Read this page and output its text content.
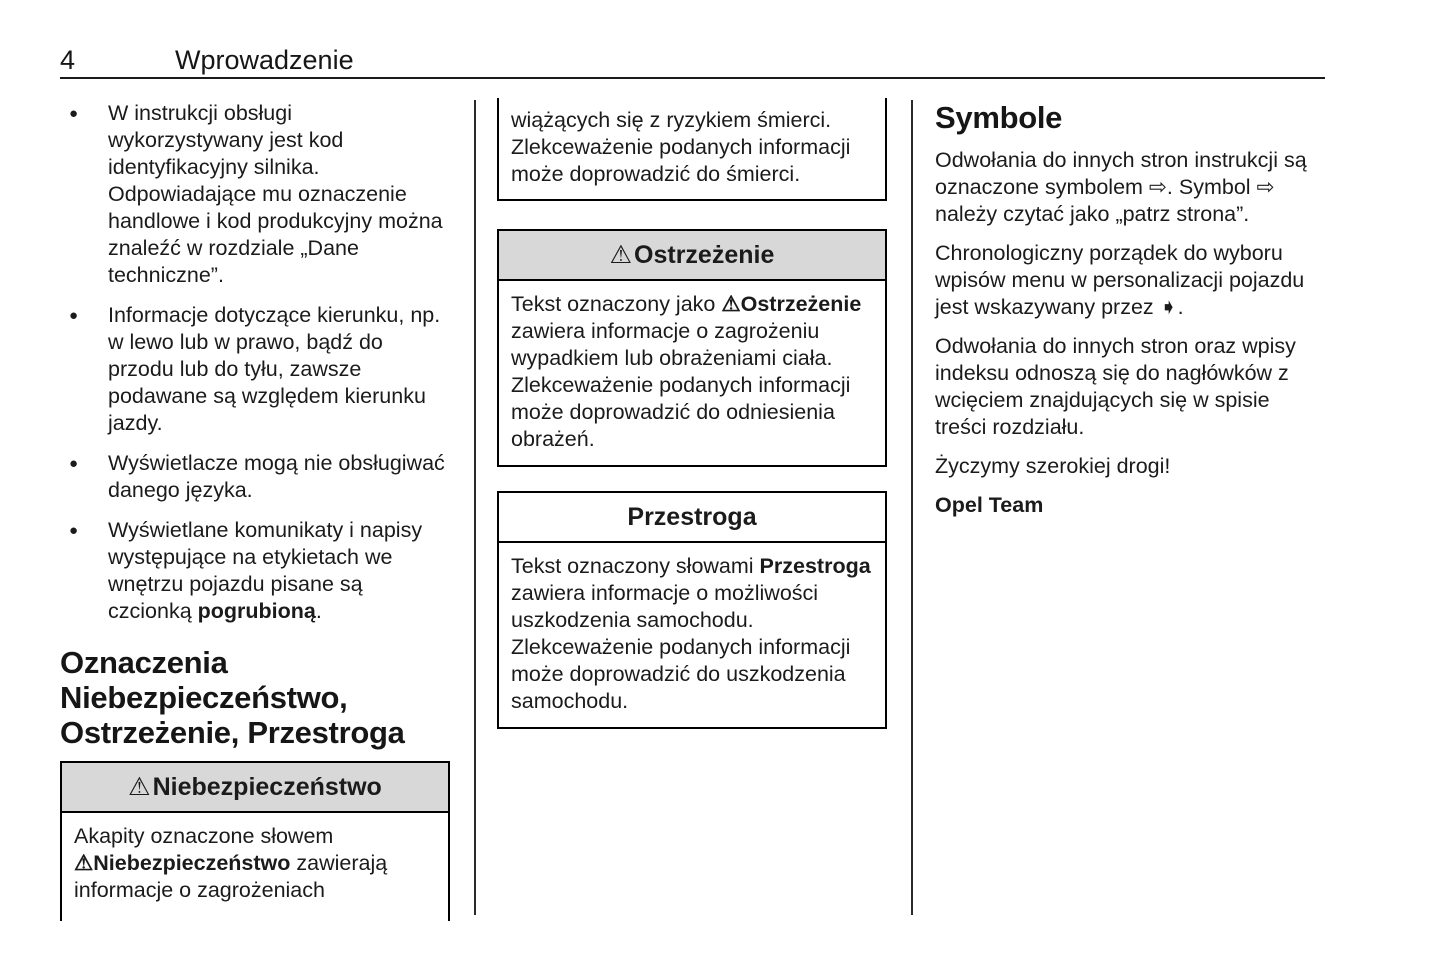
4	Wprowadzenie
●	W instrukcji obsługi wykorzystywany jest kod identyfikacyjny silnika. Odpowiadające mu oznaczenie handlowe i kod produkcyjny można znaleźć w rozdziale „Dane techniczne”.
●	Informacje dotyczące kierunku, np. w lewo lub w prawo, bądź do przodu lub do tyłu, zawsze podawane są względem kierunku jazdy.
●	Wyświetlacze mogą nie obsługiwać danego języka.
●	Wyświetlane komunikaty i napisy występujące na etykietach we wnętrzu pojazdu pisane są czcionką pogrubioną.
Oznaczenia Niebezpieczeństwo, Ostrzeżenie, Przestroga
⚠Niebezpieczeństwo
Akapity oznaczone słowem ⚠Niebezpieczeństwo zawierają informacje o zagrożeniach
wiążących się z ryzykiem śmierci. Zlekceważenie podanych informacji może doprowadzić do śmierci.
⚠Ostrzeżenie
Tekst oznaczony jako ⚠Ostrzeżenie zawiera informacje o zagrożeniu wypadkiem lub obrażeniami ciała. Zlekceważenie podanych informacji może doprowadzić do odniesienia obrażeń.
Przestroga
Tekst oznaczony słowami Przestroga zawiera informacje o możliwości uszkodzenia samochodu. Zlekceważenie podanych informacji może doprowadzić do uszkodzenia samochodu.
Symbole

Odwołania do innych stron instrukcji są oznaczone symbolem ⇨. Symbol ⇨ należy czytać jako „patrz strona”.

Chronologiczny porządek do wyboru wpisów menu w personalizacji pojazdu jest wskazywany przez ➧.

Odwołania do innych stron oraz wpisy indeksu odnoszą się do nagłówków z wcięciem znajdujących się w spisie treści rozdziału.

Życzymy szerokiej drogi!

Opel Team
